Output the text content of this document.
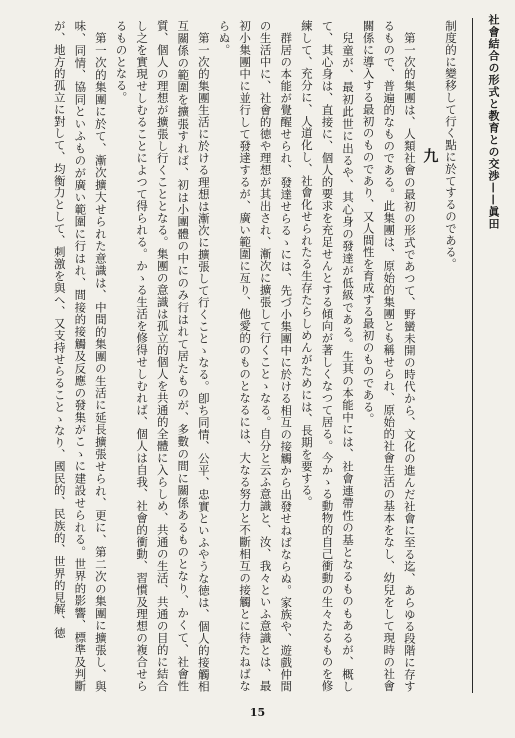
社會結合の形式と教育との交渉——眞田

制度的に變移して行く點に於てするのである。

九

第一次的集團は、人類社會の最初の形式であつて、野蠻未開の時代から、文化の進んだ社會に至る迄、あらゆる段階に存するもので、普遍的なものである。此集團は、原始的集團とも稱せられ、原始的社會生活の基本をなし、幼兒をして現時の社會關係に導入する最初のものであり、又人間性を育成する最初のものである。

兒童が、最初此世に出るや、其心身の發達が低級である。生其の本能中には、社會連帶性の基となるものもあるが、概して、其心身は、直接に、個人的要求を充足せんとする傾向が著しくなつて居る。今かゝる動物的自己衝動の生々たるものを修練して、充分に、人道化し、社會化せられたる生存たらしめんがためには、長期を要する。

群居の本能が覺醒せられ、發達せらるゝには、先づ小集團中に於ける相互の接觸から出發せねばならぬ。家族や、遊戲仲間の生活中に、社會的徳や理想が其出され、漸次に擴張して行くことゝなる。自分と云ふ意識と、汝、我々といふ意識とは、最初小集團中に並行して發達するが、廣い範圍に亙り、他愛的のものとなるには、大なる努力と不斷相互の接觸とに待たねばならぬ。

第一次的集團生活に於ける理想は漸次に擴張して行くことゝなる。卽ち同情、公平、忠實といふやうな徳は、個人的接觸相互關係の範圍を擴張すれば、初は小團體の中にのみ行はれて居たものが、多數の間に關係あるものとなり、かくて、社會性質、個人の理想が擴張し行くこととなる。集團の意識は孤立的個人を共通的全體に入らしめ、共通の生活、共通の目的に結合し之を實現せしむることによつて得られる。かゝる生活を修得せしむれば、個人は自我、社會的衝動、習慣及理想の複合せらるものとなる。

第一次的集團に於て、漸次擴大せられた意識は、中間的集團の生活に延長擴張せられ、更に、第二次の集團に擴張し、與味、同情、協同といふものが廣い範圍に行はれ、間接的接觸及反應の發集がこゝに建設せられる。世界的影響、標準及判斷が、地方的孤立に對して、均衡力として、刺激を與へ、又支持せらることゝなり、國民的、民族的、世界的見解、徳

15
